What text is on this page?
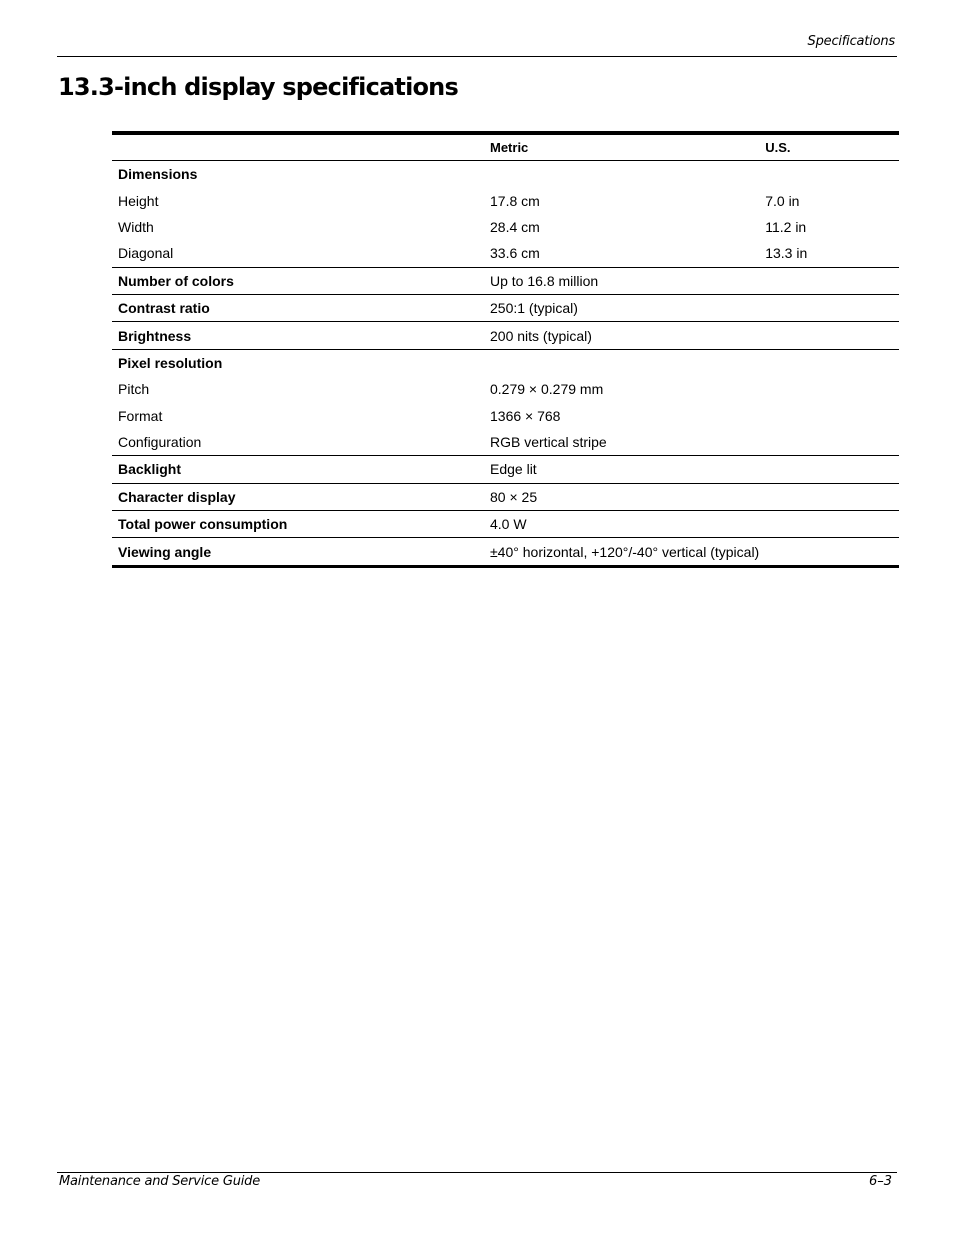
Specifications
13.3-inch display specifications
	Metric	U.S.
Dimensions		
Height	17.8 cm	7.0 in
Width	28.4 cm	11.2 in
Diagonal	33.6 cm	13.3 in
Number of colors	Up to 16.8 million	
Contrast ratio	250:1 (typical)	
Brightness	200 nits (typical)	
Pixel resolution		
Pitch	0.279 × 0.279 mm	
Format	1366 × 768	
Configuration	RGB vertical stripe	
Backlight	Edge lit	
Character display	80 × 25	
Total power consumption	4.0 W	
Viewing angle	±40° horizontal, +120°/-40° vertical (typical)	
Maintenance and Service Guide	6–3
